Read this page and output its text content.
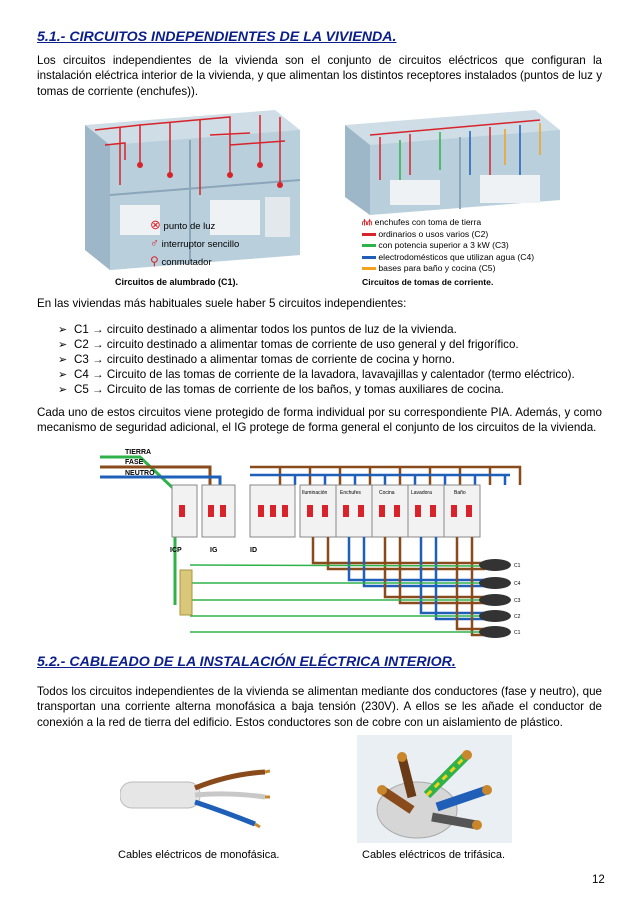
5.1.- CIRCUITOS INDEPENDIENTES DE LA VIVIENDA.

Los circuitos independientes de la vivienda son el conjunto de circuitos eléctricos que configuran la instalación eléctrica interior de la vivienda, y que alimentan los distintos receptores instalados (puntos de luz y tomas de corriente (enchufes)).

⊗ punto de luz
♂ interruptor sencillo
⚲ conmutador
Circuitos de alumbrado (C1).
⫛⫛ enchufes con toma de tierra
ordinarios o usos varios (C2)
con potencia superior a 3 kW (C3)
electrodomésticos que utilizan agua (C4)
bases para baño y cocina (C5)
Circuitos de tomas de corriente.

En las viviendas más habituales suele haber 5 circuitos independientes:

➢ C1 → circuito destinado a alimentar todos los puntos de luz de la vivienda.
➢ C2 → circuito destinado a alimentar tomas de corriente de uso general y del frigorífico.
➢ C3 → circuito destinado a alimentar tomas de corriente de cocina y horno.
➢ C4 → Circuito de las tomas de corriente de la lavadora, lavavajillas y calentador (termo eléctrico).
➢ C5 → Circuito de las tomas de corriente de los baños, y tomas auxiliares de cocina.

Cada uno de estos circuitos viene protegido de forma individual por su correspondiente PIA. Además, y como mecanismo de seguridad adicional, el IG protege de forma general el conjunto de los circuitos de la vivienda.

TIERRA
FASE
NEUTRO
ICP	IG	ID
Iluminación	Enchufes	Cocina	Lavadora	Baño
C1
C4
C3
C2
C1
5.2.- CABLEADO DE LA INSTALACIÓN ELÉCTRICA INTERIOR.

Todos los circuitos independientes de la vivienda se alimentan mediante dos conductores (fase y neutro), que transportan una corriente alterna monofásica a baja tensión (230V). A ellos se les añade el conductor de conexión a la red de tierra del edificio. Estos conductores son de cobre con un aislamiento de plástico.

Cables eléctricos de monofásica.	Cables eléctricos de trifásica.
12
